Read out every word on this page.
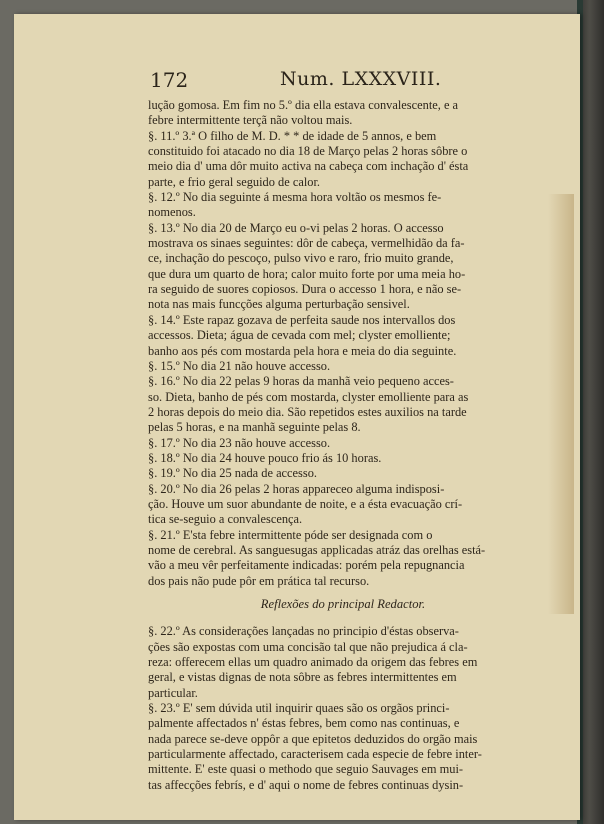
172	Num. LXXXVIII.
lução gomosa. Em fim no 5.º dia ella estava convalescente, e a
febre intermittente terçã não voltou mais.
§. 11.º 3.ª O filho de M. D. * * de idade de 5 annos, e bem
constituido foi atacado no dia 18 de Março pelas 2 horas sôbre o
meio dia d' uma dôr muito activa na cabeça com inchação d' ésta
parte, e frio geral seguido de calor.
§. 12.º No dia seguinte á mesma hora voltão os mesmos fe-
nomenos.
§. 13.º No dia 20 de Março eu o-vi pelas 2 horas. O accesso
mostrava os sinaes seguintes: dôr de cabeça, vermelhidão da fa-
ce, inchação do pescoço, pulso vivo e raro, frio muito grande,
que dura um quarto de hora; calor muito forte por uma meia ho-
ra seguido de suores copiosos. Dura o accesso 1 hora, e não se-
nota nas mais funcções alguma perturbação sensivel.
§. 14.º Este rapaz gozava de perfeita saude nos intervallos dos
accessos. Dieta; água de cevada com mel; clyster emolliente;
banho aos pés com mostarda pela hora e meia do dia seguinte.
§. 15.º No dia 21 não houve accesso.
§. 16.º No dia 22 pelas 9 horas da manhã veio pequeno acces-
so. Dieta, banho de pés com mostarda, clyster emolliente para as
2 horas depois do meio dia. São repetidos estes auxilios na tarde
pelas 5 horas, e na manhã seguinte pelas 8.
§. 17.º No dia 23 não houve accesso.
§. 18.º No dia 24 houve pouco frio ás 10 horas.
§. 19.º No dia 25 nada de accesso.
§. 20.º No dia 26 pelas 2 horas appareceo alguma indisposi-
ção. Houve um suor abundante de noite, e a ésta evacuação crí-
tica se-seguio a convalescença.
§. 21.º E'sta febre intermittente póde ser designada com o
nome de cerebral. As sanguesugas applicadas atráz das orelhas está-
vão a meu vêr perfeitamente indicadas: porém pela repugnancia
dos pais não pude pôr em prática tal recurso.
Reflexões do principal Redactor.
§. 22.º As considerações lançadas no principio d'éstas observa-
ções são expostas com uma concisão tal que não prejudica á cla-
reza: offerecem ellas um quadro animado da origem das febres em
geral, e vistas dignas de nota sôbre as febres intermittentes em
particular.
§. 23.º E' sem dúvida util inquirir quaes são os orgãos princi-
palmente affectados n' éstas febres, bem como nas continuas, e
nada parece se-deve oppôr a que epitetos deduzidos do orgão mais
particularmente affectado, caracterisem cada especie de febre inter-
mittente. E' este quasi o methodo que seguio Sauvages em mui-
tas affecções febrís, e d' aqui o nome de febres continuas dysin-
